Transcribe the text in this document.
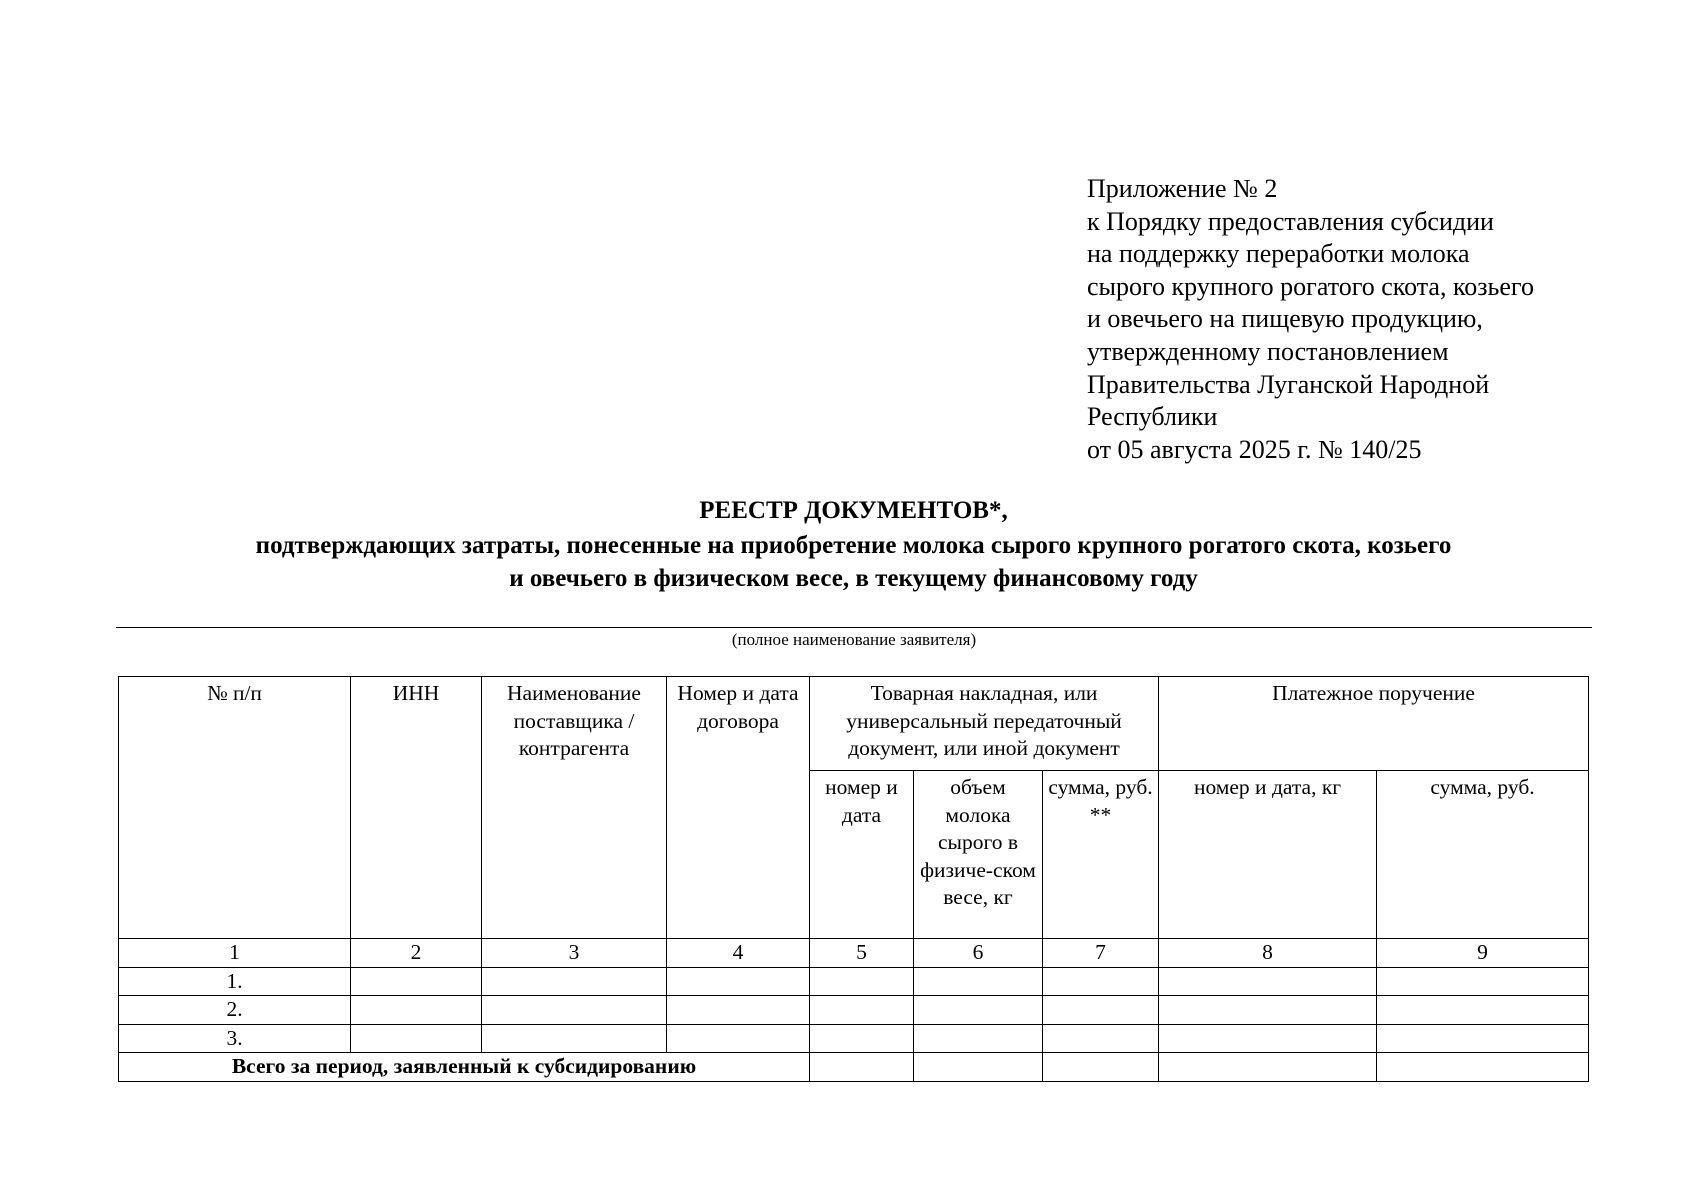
Приложение № 2
к Порядку предоставления субсидии
на поддержку переработки молока
сырого крупного рогатого скота, козьего
и овечьего на пищевую продукцию,
утвержденному постановлением
Правительства Луганской Народной
Республики
от 05 августа 2025 г. № 140/25
РЕЕСТР ДОКУМЕНТОВ*,
подтверждающих затраты, понесенные на приобретение молока сырого крупного рогатого скота, козьего
и овечьего в физическом весе, в текущему финансовому году
(полное наименование заявителя)
№ п/п	ИНН	Наименование поставщика / контрагента	Номер и дата договора	Товарная накладная, или универсальный передаточный документ, или иной документ			Платежное поручение	
				номер и дата	объем молока сырого в физиче-ском весе, кг	сумма, руб. **	номер и дата, кг	сумма, руб.
1	2	3	4	5	6	7	8	9
1.								
2.								
3.								
Всего за период, заявленный к субсидированию								
